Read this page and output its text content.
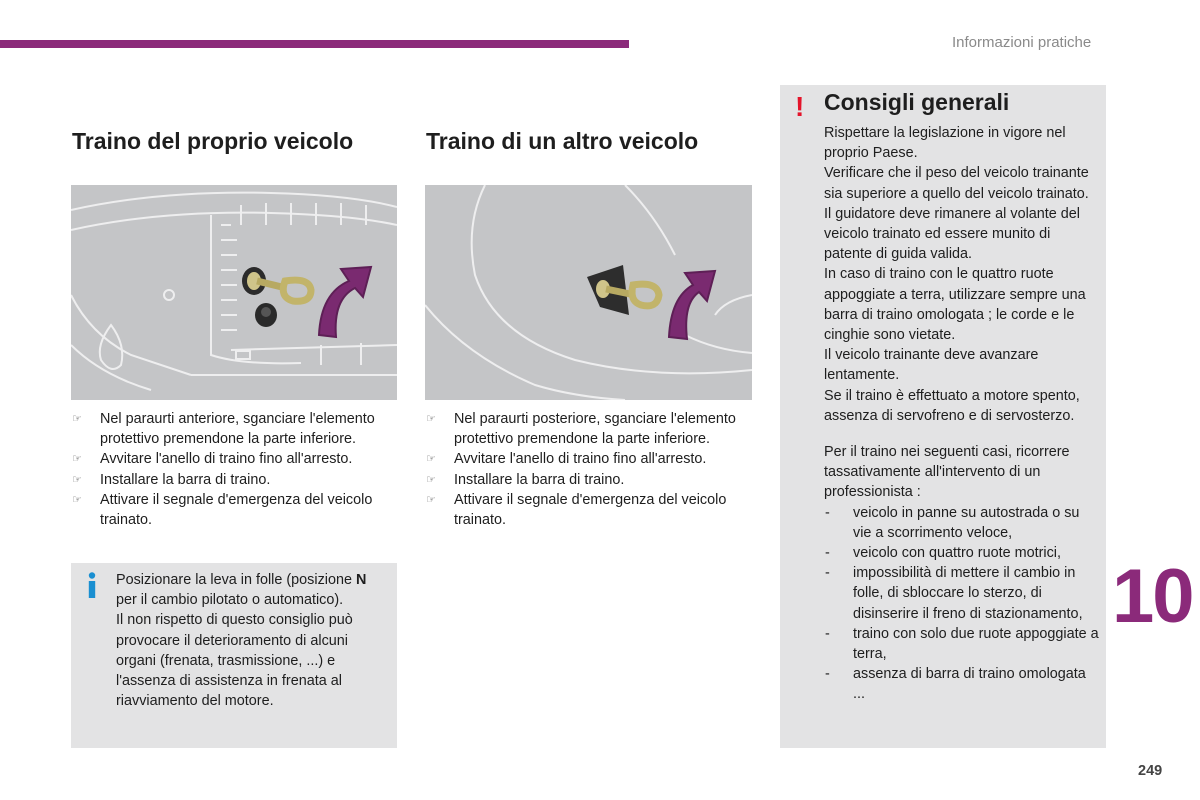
Informazioni pratiche
Traino del proprio veicolo
☞ Nel paraurti anteriore, sganciare l'elemento protettivo premendone la parte inferiore.
☞ Avvitare l'anello di traino fino all'arresto.
☞ Installare la barra di traino.
☞ Attivare il segnale d'emergenza del veicolo trainato.
Posizionare la leva in folle (posizione N per il cambio pilotato o automatico).
Il non rispetto di questo consiglio può provocare il deterioramento di alcuni organi (frenata, trasmissione, ...) e l'assenza di assistenza in frenata al riavviamento del motore.
Traino di un altro veicolo
☞ Nel paraurti posteriore, sganciare l'elemento protettivo premendone la parte inferiore.
☞ Avvitare l'anello di traino fino all'arresto.
☞ Installare la barra di traino.
☞ Attivare il segnale d'emergenza del veicolo trainato.
! Consigli generali

Rispettare la legislazione in vigore nel proprio Paese.

Verificare che il peso del veicolo trainante sia superiore a quello del veicolo trainato.

Il guidatore deve rimanere al volante del veicolo trainato ed essere munito di patente di guida valida.

In caso di traino con le quattro ruote appoggiate a terra, utilizzare sempre una barra di traino omologata ; le corde e le cinghie sono vietate.

Il veicolo trainante deve avanzare lentamente.

Se il traino è effettuato a motore spento, assenza di servofreno e di servosterzo.

Per il traino nei seguenti casi, ricorrere tassativamente all'intervento di un professionista :

- veicolo in panne su autostrada o su vie a scorrimento veloce,
- veicolo con quattro ruote motrici,
- impossibilità di mettere il cambio in folle, di sbloccare lo sterzo, di disinserire il freno di stazionamento,
- traino con solo due ruote appoggiate a terra,
- assenza di barra di traino omologata ...
10
249
